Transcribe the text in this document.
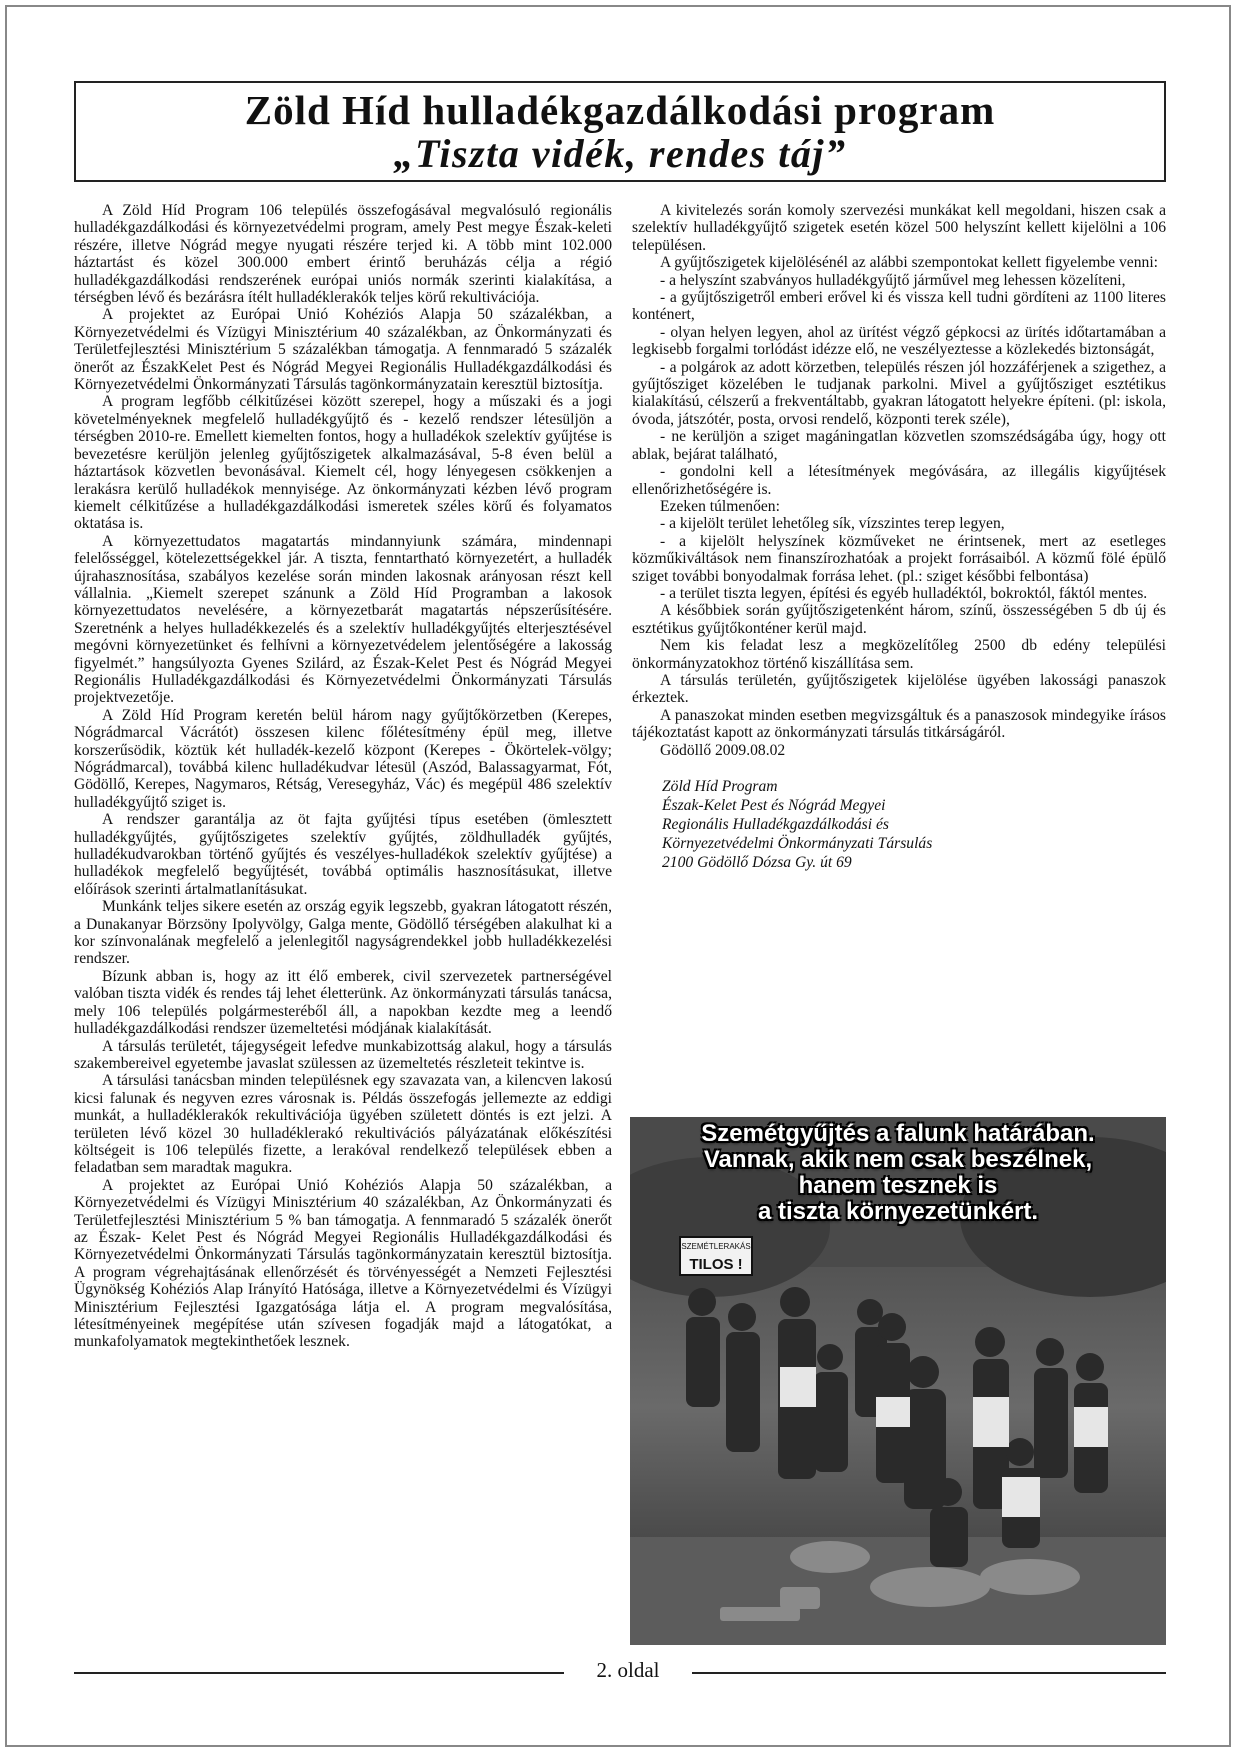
Zöld Híd hulladékgazdálkodási program
„Tiszta vidék, rendes táj”

A Zöld Híd Program 106 település összefogásával megvalósuló regionális hulladékgazdálkodási és környezetvédelmi program, amely Pest megye Észak-keleti részére, illetve Nógrád megye nyugati részére terjed ki. A több mint 102.000 háztartást és közel 300.000 embert érintő beruházás célja a régió hulladékgazdálkodási rendszerének európai uniós normák szerinti kialakítása, a térségben lévő és bezárásra ítélt hulladéklerakók teljes körű rekultivációja.

A projektet az Európai Unió Kohéziós Alapja 50 százalékban, a Környezetvédelmi és Vízügyi Minisztérium 40 százalékban, az Önkormányzati és Területfejlesztési Minisztérium 5 százalékban támogatja. A fennmaradó 5 százalék önerőt az ÉszakKelet Pest és Nógrád Megyei Regionális Hulladékgazdálkodási és Környezetvédelmi Önkormányzati Társulás tagönkormányzatain keresztül biztosítja.

A program legfőbb célkitűzései között szerepel, hogy a műszaki és a jogi követelményeknek megfelelő hulladékgyűjtő és - kezelő rendszer létesüljön a térségben 2010-re. Emellett kiemelten fontos, hogy a hulladékok szelektív gyűjtése is bevezetésre kerüljön jelenleg gyűjtőszigetek alkalmazásával, 5-8 éven belül a háztartások közvetlen bevonásával. Kiemelt cél, hogy lényegesen csökkenjen a lerakásra kerülő hulladékok mennyisége. Az önkormányzati kézben lévő program kiemelt célkitűzése a hulladékgazdálkodási ismeretek széles körű és folyamatos oktatása is.

A környezettudatos magatartás mindannyiunk számára, mindennapi felelősséggel, kötelezettségekkel jár. A tiszta, fenntartható környezetért, a hulladék újrahasznosítása, szabályos kezelése során minden lakosnak arányosan részt kell vállalnia. „Kiemelt szerepet szánunk a Zöld Híd Programban a lakosok környezettudatos nevelésére, a környezetbarát magatartás népszerűsítésére. Szeretnénk a helyes hulladékkezelés és a szelektív hulladékgyűjtés elterjesztésével megóvni környezetünket és felhívni a környezetvédelem jelentőségére a lakosság figyelmét.” hangsúlyozta Gyenes Szilárd, az Észak-Kelet Pest és Nógrád Megyei Regionális Hulladékgazdálkodási és Környezetvédelmi Önkormányzati Társulás projektvezetője.

A Zöld Híd Program keretén belül három nagy gyűjtőkörzetben (Kerepes, Nógrádmarcal Vácrátót) összesen kilenc főlétesítmény épül meg, illetve korszerűsödik, köztük két hulladék-kezelő központ (Kerepes - Ökörtelek-völgy; Nógrádmarcal), továbbá kilenc hulladékudvar létesül (Aszód, Balassagyarmat, Fót, Gödöllő, Kerepes, Nagymaros, Rétság, Veresegyház, Vác) és megépül 486 szelektív hulladékgyűjtő sziget is.

A rendszer garantálja az öt fajta gyűjtési típus esetében (ömlesztett hulladékgyűjtés, gyűjtőszigetes szelektív gyűjtés, zöldhulladék gyűjtés, hulladékudvarokban történő gyűjtés és veszélyes-hulladékok szelektív gyűjtése) a hulladékok megfelelő begyűjtését, továbbá optimális hasznosításukat, illetve előírások szerinti ártalmatlanításukat.

Munkánk teljes sikere esetén az ország egyik legszebb, gyakran látogatott részén, a Dunakanyar Börzsöny Ipolyvölgy, Galga mente, Gödöllő térségében alakulhat ki a kor színvonalának megfelelő a jelenlegitől nagyságrendekkel jobb hulladékkezelési rendszer.

Bízunk abban is, hogy az itt élő emberek, civil szervezetek partnerségével valóban tiszta vidék és rendes táj lehet életterünk. Az önkormányzati társulás tanácsa, mely 106 település polgármesteréből áll, a napokban kezdte meg a leendő hulladékgazdálkodási rendszer üzemeltetési módjának kialakítását.

A társulás területét, tájegységeit lefedve munkabizottság alakul, hogy a társulás szakembereivel egyetembe javaslat szülessen az üzemeltetés részleteit tekintve is.

A társulási tanácsban minden településnek egy szavazata van, a kilencven lakosú kicsi falunak és negyven ezres városnak is. Példás összefogás jellemezte az eddigi munkát, a hulladéklerakók rekultivációja ügyében született döntés is ezt jelzi. A területen lévő közel 30 hulladéklerakó rekultivációs pályázatának előkészítési költségeit is 106 település fizette, a lerakóval rendelkező települések ebben a feladatban sem maradtak magukra.

A projektet az Európai Unió Kohéziós Alapja 50 százalékban, a Környezetvédelmi és Vízügyi Minisztérium 40 százalékban, Az Önkormányzati és Területfejlesztési Minisztérium 5 % ban támogatja. A fennmaradó 5 százalék önerőt az Észak- Kelet Pest és Nógrád Megyei Regionális Hulladékgazdálkodási és Környezetvédelmi Önkormányzati Társulás tagönkormányzatain keresztül biztosítja. A program végrehajtásának ellenőrzését és törvényességét a Nemzeti Fejlesztési Ügynökség Kohéziós Alap Irányító Hatósága, illetve a Környezetvédelmi és Vízügyi Minisztérium Fejlesztési Igazgatósága látja el. A program megvalósítása, létesítményeinek megépítése után szívesen fogadják majd a látogatókat, a munkafolyamatok megtekinthetőek lesznek.

A kivitelezés során komoly szervezési munkákat kell megoldani, hiszen csak a szelektív hulladékgyűjtő szigetek esetén közel 500 helyszínt kellett kijelölni a 106 településen.

A gyűjtőszigetek kijelölésénél az alábbi szempontokat kellett figyelembe venni:

- a helyszínt szabványos hulladékgyűjtő járművel meg lehessen közelíteni,

- a gyűjtőszigetről emberi erővel ki és vissza kell tudni gördíteni az 1100 literes konténert,

- olyan helyen legyen, ahol az ürítést végző gépkocsi az ürítés időtartamában a legkisebb forgalmi torlódást idézze elő, ne veszélyeztesse a közlekedés biztonságát,

- a polgárok az adott körzetben, település részen jól hozzáférjenek a szigethez, a gyűjtősziget közelében le tudjanak parkolni. Mivel a gyűjtősziget esztétikus kialakítású, célszerű a frekventáltabb, gyakran látogatott helyekre építeni. (pl: iskola, óvoda, játszótér, posta, orvosi rendelő, központi terek széle),

- ne kerüljön a sziget magáningatlan közvetlen szomszédságába úgy, hogy ott ablak, bejárat található,

- gondolni kell a létesítmények megóvására, az illegális kigyűjtések ellenőrizhetőségére is.

Ezeken túlmenően:

- a kijelölt terület lehetőleg sík, vízszintes terep legyen,

- a kijelölt helyszínek közműveket ne érintsenek, mert az esetleges közműkiváltások nem finanszírozhatóak a projekt forrásaiból. A közmű fölé épülő sziget további bonyodalmak forrása lehet. (pl.: sziget későbbi felbontása)

- a terület tiszta legyen, építési és egyéb hulladéktól, bokroktól, fáktól mentes.

A későbbiek során gyűjtőszigetenként három, színű, összességében 5 db új és esztétikus gyűjtőkonténer kerül majd.

Nem kis feladat lesz a megközelítőleg 2500 db edény települési önkormányzatokhoz történő kiszállítása sem.

A társulás területén, gyűjtőszigetek kijelölése ügyében lakossági panaszok érkeztek.

A panaszokat minden esetben megvizsgáltuk és a panaszosok mindegyike írásos tájékoztatást kapott az önkormányzati társulás titkárságáról.

Gödöllő 2009.08.02

Zöld Híd Program
Észak-Kelet Pest és Nógrád Megyei
Regionális Hulladékgazdálkodási és
Környezetvédelmi Önkormányzati Társulás
2100 Gödöllő Dózsa Gy. út 69
SZEMÉTLERAKÁS
TILOS !
Szemétgyűjtés a falunk határában.
Vannak, akik nem csak beszélnek,
hanem tesznek is
a tiszta környezetünkért.
2. oldal
